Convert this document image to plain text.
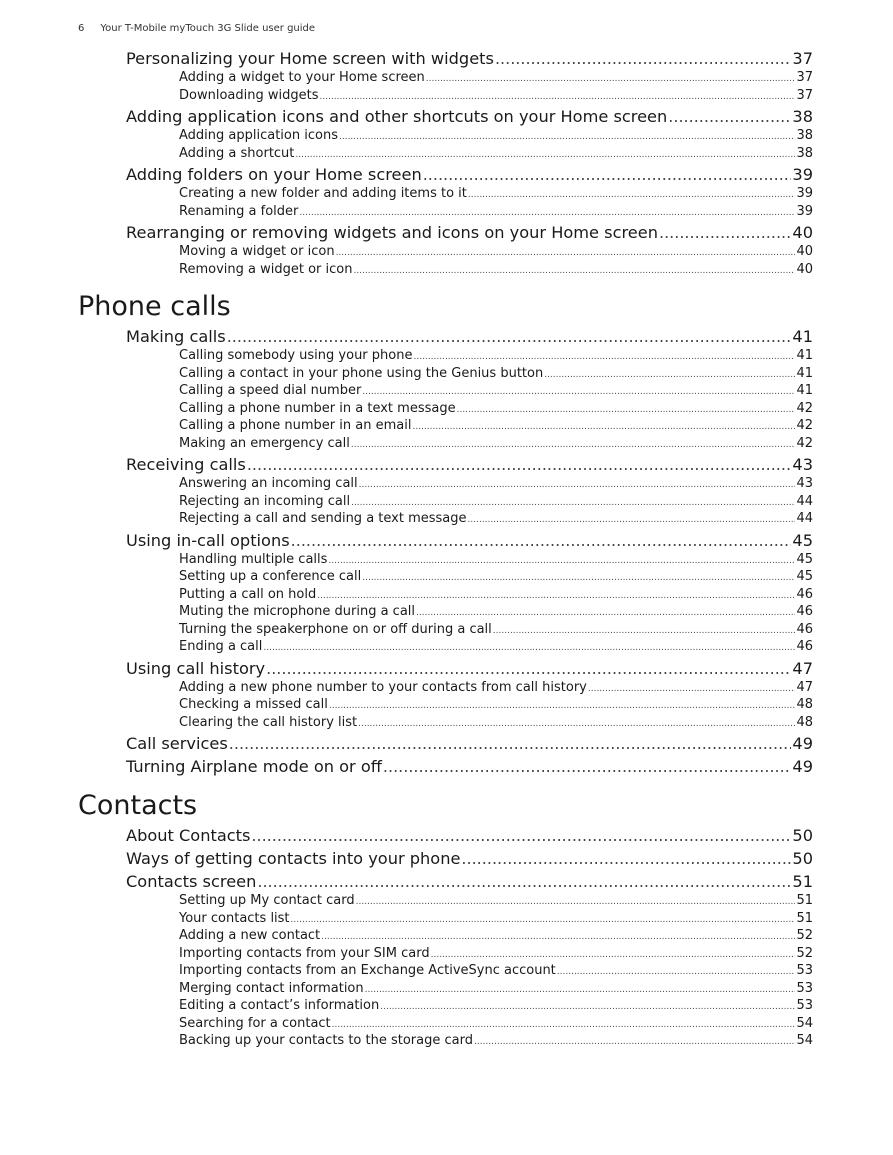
6 Your T-Mobile myTouch 3G Slide user guide
Personalizing your Home screen with widgets .....	37
Adding a widget to your Home screen .....	37
Downloading widgets .....	37
Adding application icons and other shortcuts on your Home screen .....	38
Adding application icons .....	38
Adding a shortcut .....	38
Adding folders on your Home screen .....	39
Creating a new folder and adding items to it .....	39
Renaming a folder .....	39
Rearranging or removing widgets and icons on your Home screen .....	40
Moving a widget or icon .....	40
Removing a widget or icon .....	40
Phone calls
Making calls .....	41
Calling somebody using your phone .....	41
Calling a contact in your phone using the Genius button .....	41
Calling a speed dial number .....	41
Calling a phone number in a text message .....	42
Calling a phone number in an email .....	42
Making an emergency call .....	42
Receiving calls .....	43
Answering an incoming call .....	43
Rejecting an incoming call .....	44
Rejecting a call and sending a text message .....	44
Using in-call options .....	45
Handling multiple calls .....	45
Setting up a conference call .....	45
Putting a call on hold .....	46
Muting the microphone during a call .....	46
Turning the speakerphone on or off during a call .....	46
Ending a call .....	46
Using call history .....	47
Adding a new phone number to your contacts from call history .....	47
Checking a missed call .....	48
Clearing the call history list .....	48
Call services .....	49
Turning Airplane mode on or off .....	49
Contacts
About Contacts .....	50
Ways of getting contacts into your phone .....	50
Contacts screen .....	51
Setting up My contact card .....	51
Your contacts list .....	51
Adding a new contact .....	52
Importing contacts from your SIM card .....	52
Importing contacts from an Exchange ActiveSync account .....	53
Merging contact information .....	53
Editing a contact’s information .....	53
Searching for a contact .....	54
Backing up your contacts to the storage card .....	54
